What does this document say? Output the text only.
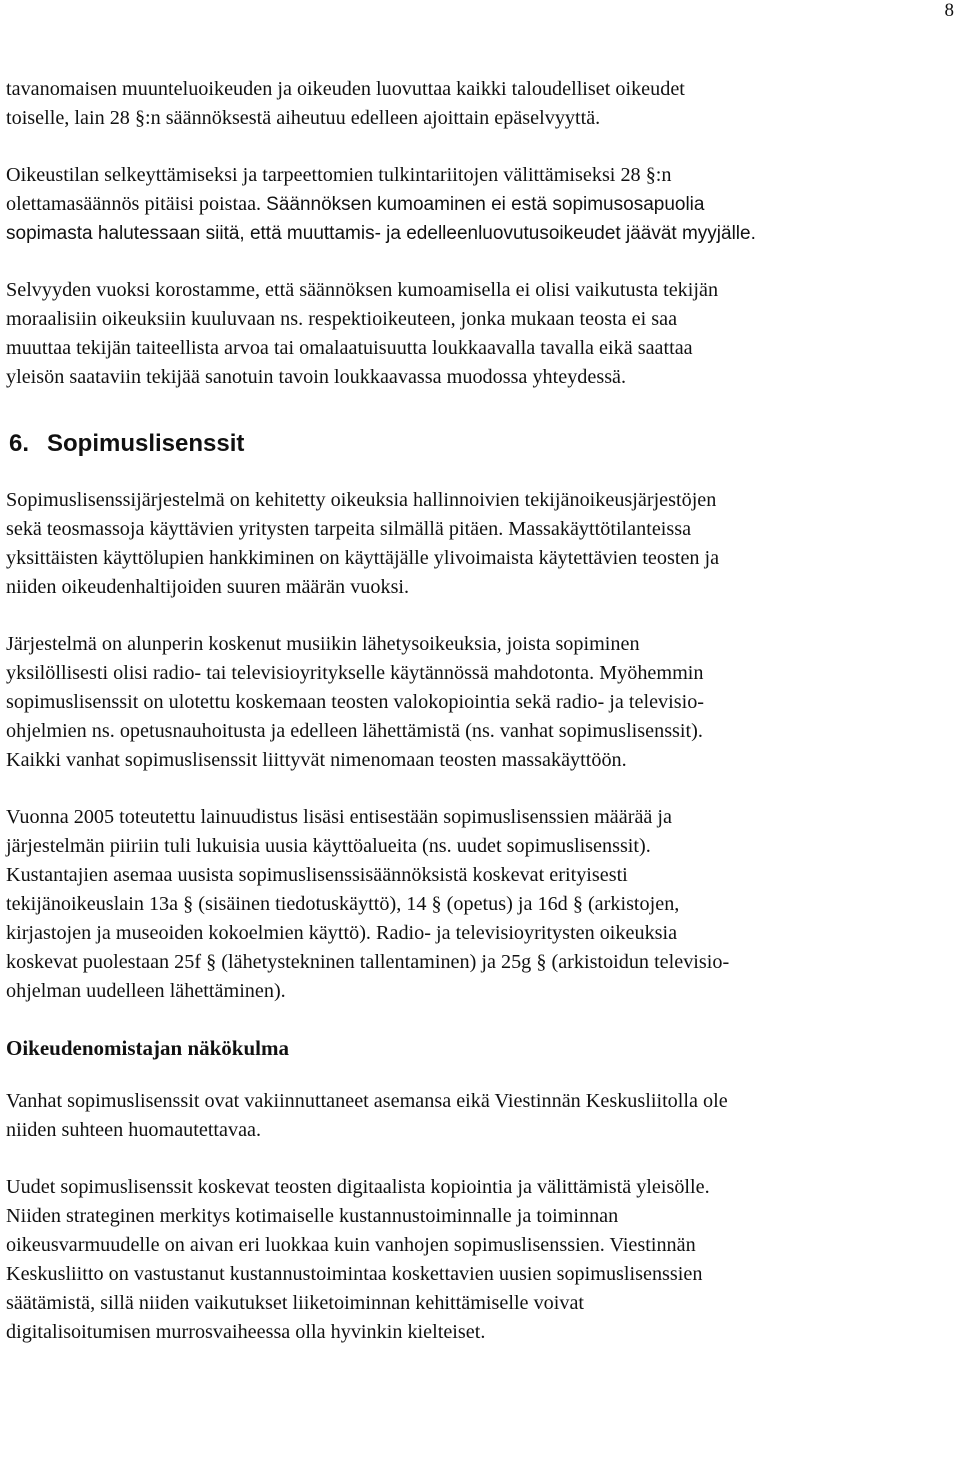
8

tavanomaisen muunteluoikeuden ja oikeuden luovuttaa kaikki taloudelliset oikeudet
toiselle, lain 28 §:n säännöksestä aiheutuu edelleen ajoittain epäselvyyttä.

Oikeustilan selkeyttämiseksi ja tarpeettomien tulkintariitojen välittämiseksi 28 §:n
olettamasäännös pitäisi poistaa. Säännöksen kumoaminen ei estä sopimusosapuolia
sopimasta halutessaan siitä, että muuttamis- ja edelleenluovutusoikeudet jäävät myyjälle.

Selvyyden vuoksi korostamme, että säännöksen kumoamisella ei olisi vaikutusta tekijän
moraalisiin oikeuksiin kuuluvaan ns. respektioikeuteen, jonka mukaan teosta ei saa
muuttaa tekijän taiteellista arvoa tai omalaatuisuutta loukkaavalla tavalla eikä saattaa
yleisön saataviin tekijää sanotuin tavoin loukkaavassa muodossa yhteydessä.

6. Sopimuslisenssit

Sopimuslisenssijärjestelmä on kehitetty oikeuksia hallinnoivien tekijänoikeusjärjestöjen
sekä teosmassoja käyttävien yritysten tarpeita silmällä pitäen. Massakäyttötilanteissa
yksittäisten käyttölupien hankkiminen on käyttäjälle ylivoimaista käytettävien teosten ja
niiden oikeudenhaltijoiden suuren määrän vuoksi.

Järjestelmä on alunperin koskenut musiikin lähetysoikeuksia, joista sopiminen
yksilöllisesti olisi radio- tai televisioyritykselle käytännössä mahdotonta. Myöhemmin
sopimuslisenssit on ulotettu koskemaan teosten valokopiointia sekä radio- ja televisio-
ohjelmien ns. opetusnauhoitusta ja edelleen lähettämistä (ns. vanhat sopimuslisenssit).
Kaikki vanhat sopimuslisenssit liittyvät nimenomaan teosten massakäyttöön.

Vuonna 2005 toteutettu lainuudistus lisäsi entisestään sopimuslisenssien määrää ja
järjestelmän piiriin tuli lukuisia uusia käyttöalueita (ns. uudet sopimuslisenssit).
Kustantajien asemaa uusista sopimuslisenssisäännöksistä koskevat erityisesti
tekijänoikeuslain 13a § (sisäinen tiedotuskäyttö), 14 § (opetus) ja 16d § (arkistojen,
kirjastojen ja museoiden kokoelmien käyttö). Radio- ja televisioyritysten oikeuksia
koskevat puolestaan 25f § (lähetystekninen tallentaminen) ja 25g § (arkistoidun televisio-
ohjelman uudelleen lähettäminen).

Oikeudenomistajan näkökulma

Vanhat sopimuslisenssit ovat vakiinnuttaneet asemansa eikä Viestinnän Keskusliitolla ole
niiden suhteen huomautettavaa.

Uudet sopimuslisenssit koskevat teosten digitaalista kopiointia ja välittämistä yleisölle.
Niiden strateginen merkitys kotimaiselle kustannustoiminnalle ja toiminnan
oikeusvarmuudelle on aivan eri luokkaa kuin vanhojen sopimuslisenssien. Viestinnän
Keskusliitto on vastustanut kustannustoimintaa koskettavien uusien sopimuslisenssien
säätämistä, sillä niiden vaikutukset liiketoiminnan kehittämiselle voivat
digitalisoitumisen murrosvaiheessa olla hyvinkin kielteiset.
